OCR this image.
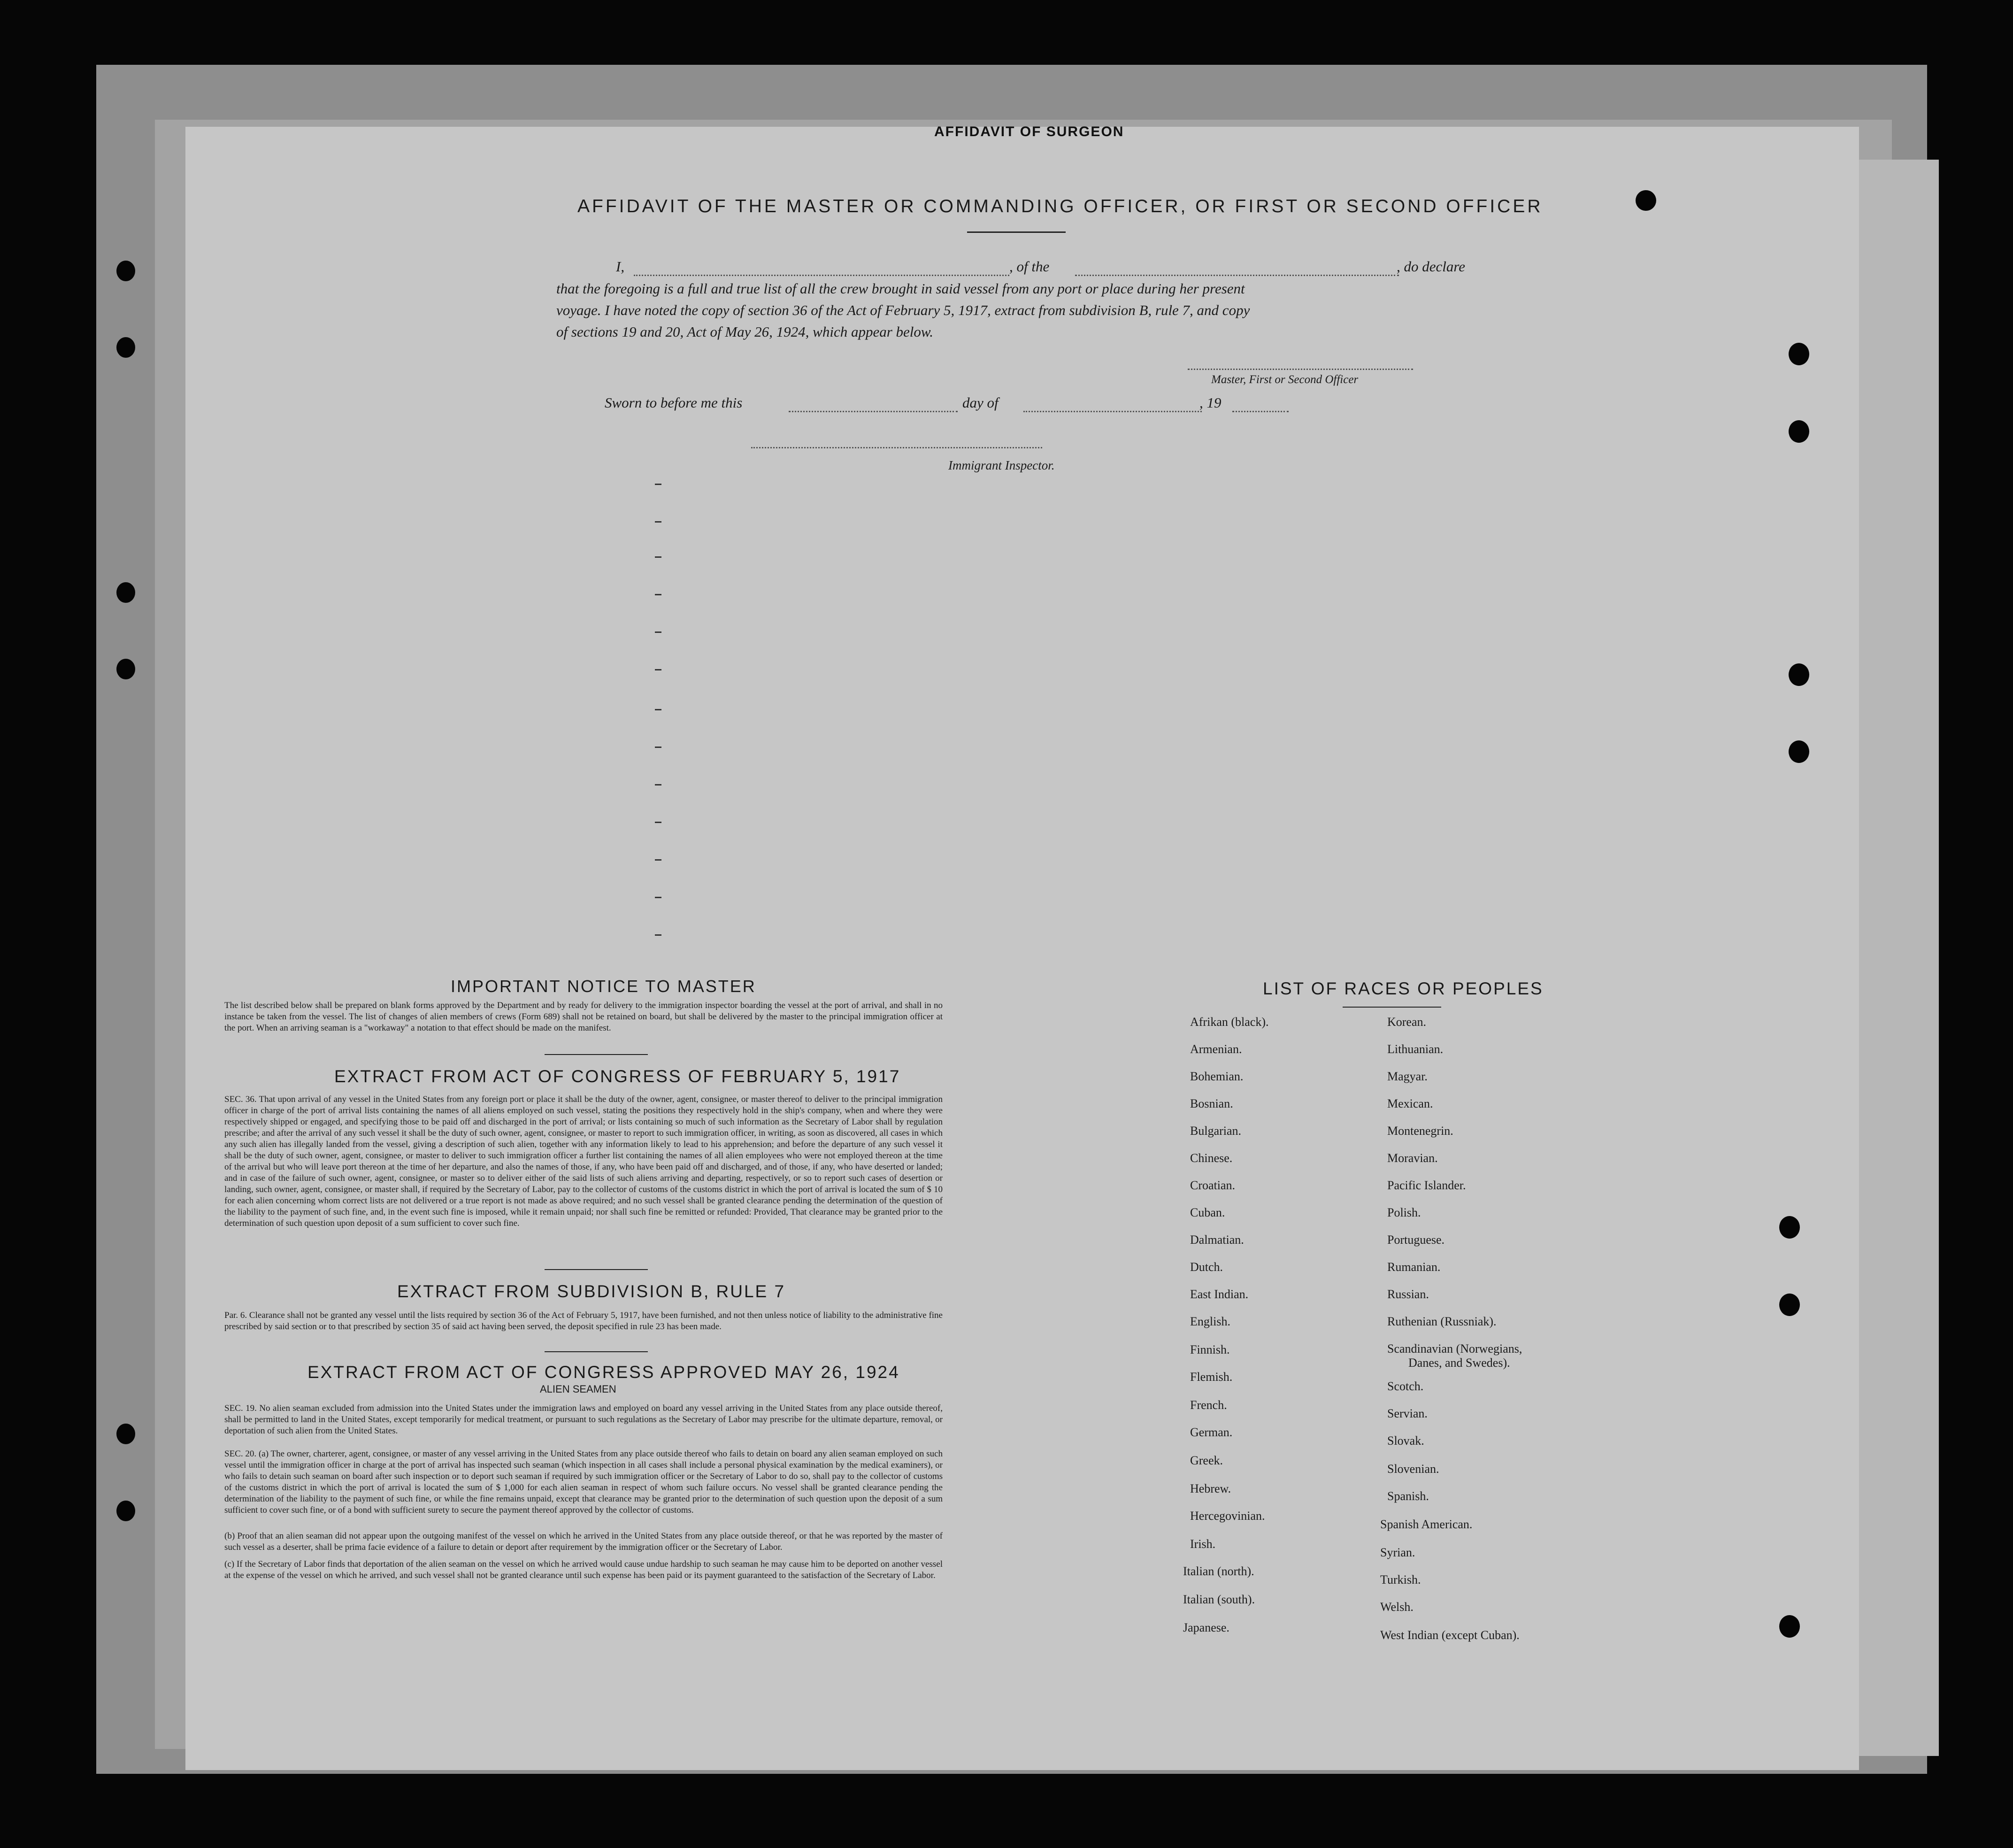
AFFIDAVIT OF SURGEON
AFFIDAVIT OF THE MASTER OR COMMANDING OFFICER, OR FIRST OR SECOND OFFICER
I,	, of the	, do declare
that the foregoing is a full and true list of all the crew brought in said vessel from any port or place during her present
voyage. I have noted the copy of section 36 of the Act of February 5, 1917, extract from subdivision B, rule 7, and copy
of sections 19 and 20, Act of May 26, 1924, which appear below.
Master, First or Second Officer
Sworn to before me this	day of	, 19
Immigrant Inspector.
IMPORTANT NOTICE TO MASTER
The list described below shall be prepared on blank forms approved by the Department and by ready for delivery to the immigration inspector boarding the vessel at the port of arrival, and shall in no instance be taken from the vessel. The list of changes of alien members of crews (Form 689) shall not be retained on board, but shall be delivered by the master to the principal immigration officer at the port. When an arriving seaman is a "workaway" a notation to that effect should be made on the manifest.
EXTRACT FROM ACT OF CONGRESS OF FEBRUARY 5, 1917
SEC. 36. That upon arrival of any vessel in the United States from any foreign port or place it shall be the duty of the owner, agent, consignee, or master thereof to deliver to the principal immigration officer in charge of the port of arrival lists containing the names of all aliens employed on such vessel, stating the positions they respectively hold in the ship's company, when and where they were respectively shipped or engaged, and specifying those to be paid off and discharged in the port of arrival; or lists containing so much of such information as the Secretary of Labor shall by regulation prescribe; and after the arrival of any such vessel it shall be the duty of such owner, agent, consignee, or master to report to such immigration officer, in writing, as soon as discovered, all cases in which any such alien has illegally landed from the vessel, giving a description of such alien, together with any information likely to lead to his apprehension; and before the departure of any such vessel it shall be the duty of such owner, agent, consignee, or master to deliver to such immigration officer a further list containing the names of all alien employees who were not employed thereon at the time of the arrival but who will leave port thereon at the time of her departure, and also the names of those, if any, who have been paid off and discharged, and of those, if any, who have deserted or landed; and in case of the failure of such owner, agent, consignee, or master so to deliver either of the said lists of such aliens arriving and departing, respectively, or so to report such cases of desertion or landing, such owner, agent, consignee, or master shall, if required by the Secretary of Labor, pay to the collector of customs of the customs district in which the port of arrival is located the sum of $ 10 for each alien concerning whom correct lists are not delivered or a true report is not made as above required; and no such vessel shall be granted clearance pending the determination of the question of the liability to the payment of such fine, and, in the event such fine is imposed, while it remain unpaid; nor shall such fine be remitted or refunded: Provided, That clearance may be granted prior to the determination of such question upon deposit of a sum sufficient to cover such fine.
EXTRACT FROM SUBDIVISION B, RULE 7
Par. 6. Clearance shall not be granted any vessel until the lists required by section 36 of the Act of February 5, 1917, have been furnished, and not then unless notice of liability to the administrative fine prescribed by said section or to that prescribed by section 35 of said act having been served, the deposit specified in rule 23 has been made.
EXTRACT FROM ACT OF CONGRESS APPROVED MAY 26, 1924
ALIEN SEAMEN
SEC. 19. No alien seaman excluded from admission into the United States under the immigration laws and employed on board any vessel arriving in the United States from any place outside thereof, shall be permitted to land in the United States, except temporarily for medical treatment, or pursuant to such regulations as the Secretary of Labor may prescribe for the ultimate departure, removal, or deportation of such alien from the United States.
SEC. 20. (a) The owner, charterer, agent, consignee, or master of any vessel arriving in the United States from any place outside thereof who fails to detain on board any alien seaman employed on such vessel until the immigration officer in charge at the port of arrival has inspected such seaman (which inspection in all cases shall include a personal physical examination by the medical examiners), or who fails to detain such seaman on board after such inspection or to deport such seaman if required by such immigration officer or the Secretary of Labor to do so, shall pay to the collector of customs of the customs district in which the port of arrival is located the sum of $ 1,000 for each alien seaman in respect of whom such failure occurs. No vessel shall be granted clearance pending the determination of the liability to the payment of such fine, or while the fine remains unpaid, except that clearance may be granted prior to the determination of such question upon the deposit of a sum sufficient to cover such fine, or of a bond with sufficient surety to secure the payment thereof approved by the collector of customs.
(b) Proof that an alien seaman did not appear upon the outgoing manifest of the vessel on which he arrived in the United States from any place outside thereof, or that he was reported by the master of such vessel as a deserter, shall be prima facie evidence of a failure to detain or deport after requirement by the immigration officer or the Secretary of Labor.
(c) If the Secretary of Labor finds that deportation of the alien seaman on the vessel on which he arrived would cause undue hardship to such seaman he may cause him to be deported on another vessel at the expense of the vessel on which he arrived, and such vessel shall not be granted clearance until such expense has been paid or its payment guaranteed to the satisfaction of the Secretary of Labor.
LIST OF RACES OR PEOPLES
Afrikan (black).
Armenian.
Bohemian.
Bosnian.
Bulgarian.
Chinese.
Croatian.
Cuban.
Dalmatian.
Dutch.
East Indian.
English.
Finnish.
Flemish.
French.
German.
Greek.
Hebrew.
Hercegovinian.
Irish.
Italian (north).
Italian (south).
Japanese.
Korean.
Lithuanian.
Magyar.
Mexican.
Montenegrin.
Moravian.
Pacific Islander.
Polish.
Portuguese.
Rumanian.
Russian.
Ruthenian (Russniak).
Scandinavian (Norwegians,
Danes, and Swedes).
Scotch.
Servian.
Slovak.
Slovenian.
Spanish.
Spanish American.
Syrian.
Turkish.
Welsh.
West Indian (except Cuban).
